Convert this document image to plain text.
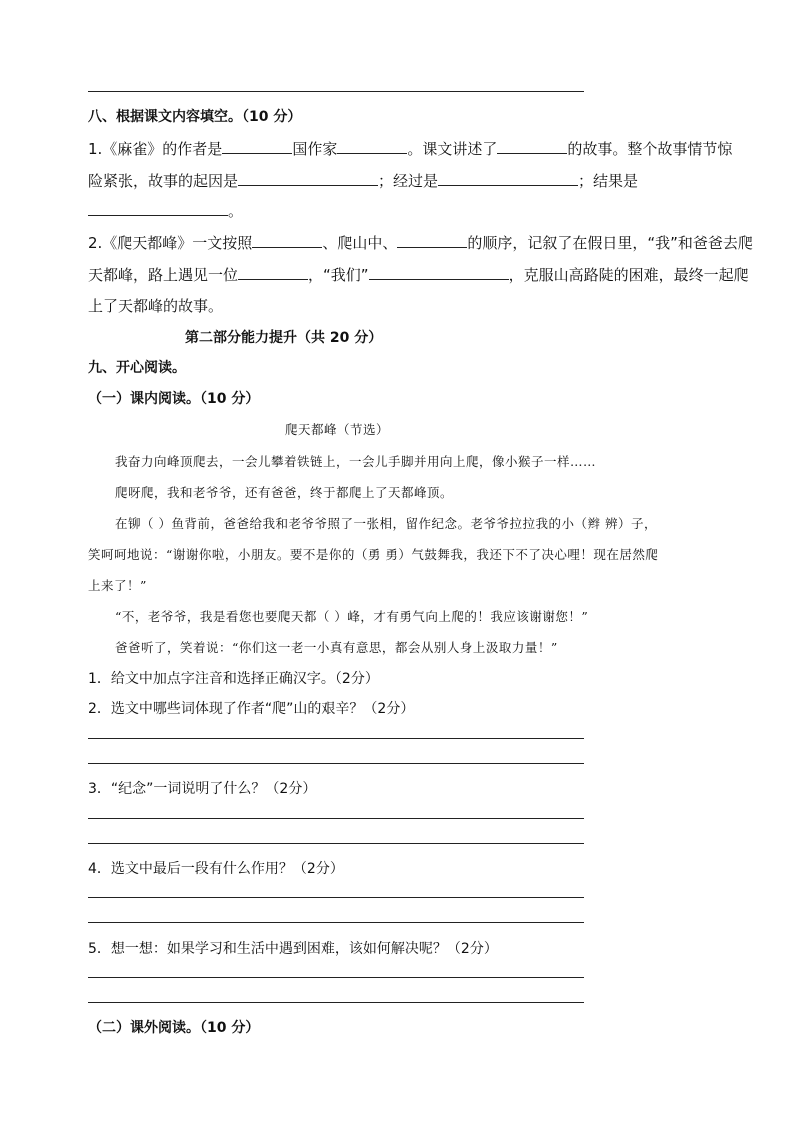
八、根据课文内容填空。（10 分）
1.《麻雀》的作者是	国作家	。课文讲述了	的故事。整个故事情节惊
险紧张，故事的起因是	；经过是	；结果是
。
2.《爬天都峰》一文按照	、爬山中、	的顺序，记叙了在假日里，“我”和爸爸去爬
天都峰，路上遇见一位	，“我们”	，克服山高路陡的困难，最终一起爬
上了天都峰的故事。
第二部分能力提升（共 20 分）
九、开心阅读。
（一）课内阅读。（10 分）
爬天都峰（节选）
我奋力向峰顶爬去，一会儿攀着铁链上，一会儿手脚并用向上爬，像小猴子一样……
爬呀爬，我和老爷爷，还有爸爸，终于都爬上了天都峰顶。
在铆（ ）鱼背前，爸爸给我和老爷爷照了一张相，留作纪念。老爷爷拉拉我的小（辫 辨）子，
笑呵呵地说：“谢谢你啦，小朋友。要不是你的（勇 勇）气鼓舞我，我还下不了决心哩！现在居然爬
上来了！”
“不，老爷爷，我是看您也要爬天都（ ）峰，才有勇气向上爬的！我应该谢谢您！”
爸爸听了，笑着说：“你们这一老一小真有意思，都会从别人身上汲取力量！”
1．给文中加点字注音和选择正确汉字。（2分）
2．选文中哪些词体现了作者“爬”山的艰辛？（2分）
3．“纪念”一词说明了什么？（2分）
4．选文中最后一段有什么作用？（2分）
5．想一想：如果学习和生活中遇到困难，该如何解决呢？（2分）
（二）课外阅读。（10 分）
